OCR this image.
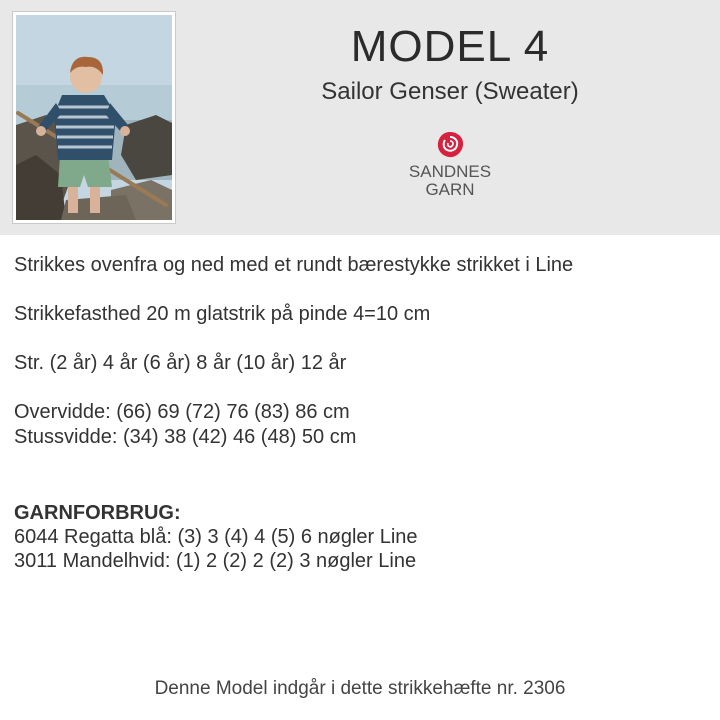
MODEL 4
Sailor Genser (Sweater)
SANDNES
GARN
Strikkes ovenfra og ned med et rundt bærestykke strikket i Line
Strikkefasthed 20 m glatstrik på pinde 4=10 cm
Str. (2 år) 4 år (6 år) 8 år (10 år) 12 år
Overvidde: (66) 69 (72) 76 (83) 86 cm
Stussvidde: (34) 38 (42) 46 (48) 50 cm
GARNFORBRUG:
6044 Regatta blå: (3) 3 (4) 4 (5) 6 nøgler Line
3011 Mandelhvid: (1) 2 (2) 2 (2) 3 nøgler Line
Denne Model indgår i dette strikkehæfte nr. 2306
